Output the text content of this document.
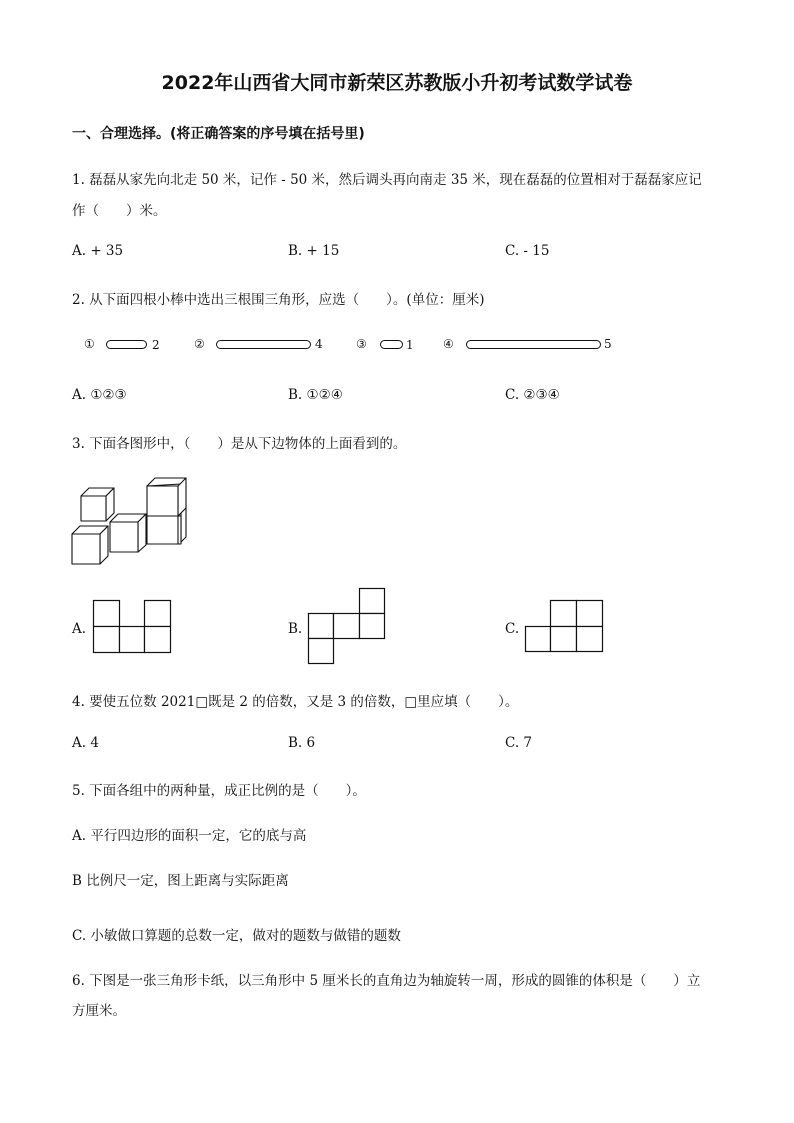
2022年山西省大同市新荣区苏教版小升初考试数学试卷
一、合理选择。(将正确答案的序号填在括号里)
1. 磊磊从家先向北走 50 米，记作 - 50 米，然后调头再向南走 35 米，现在磊磊的位置相对于磊磊家应记
作（　　）米。
A. + 35	B. + 15	C. - 15
2. 从下面四根小棒中选出三根围三角形，应选（　　）。(单位：厘米)
①	2	②	4	③	1 ④	5
A. ①②③	B. ①②④	C. ②③④
3. 下面各图形中，（　　）是从下边物体的上面看到的。
A.	B.	C.
4. 要使五位数 2021□既是 2 的倍数，又是 3 的倍数，□里应填（　　）。
A. 4	B. 6	C. 7
5. 下面各组中的两种量，成正比例的是（　　）。
A. 平行四边形的面积一定，它的底与高
B 比例尺一定，图上距离与实际距离
C. 小敏做口算题的总数一定，做对的题数与做错的题数
6. 下图是一张三角形卡纸，以三角形中 5 厘米长的直角边为轴旋转一周，形成的圆锥的体积是（　　）立
方厘米。
